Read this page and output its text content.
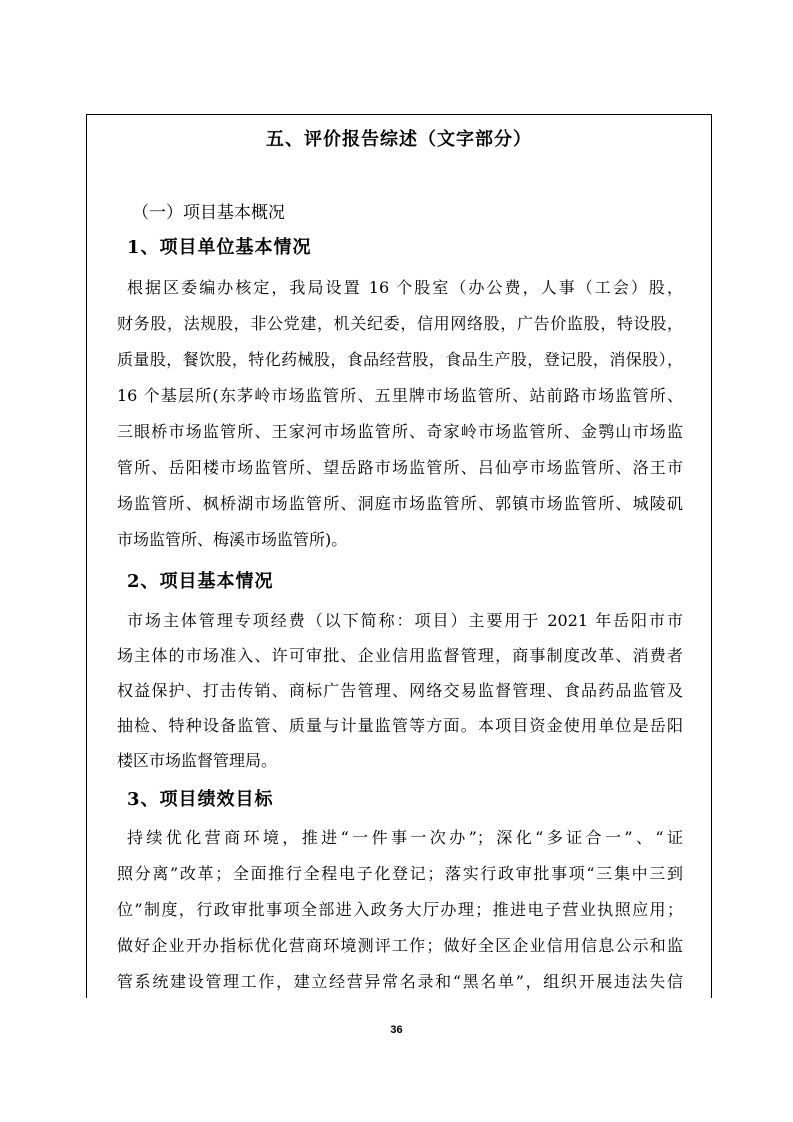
五、评价报告综述（文字部分）
（一）项目基本概况
1、项目单位基本情况
根据区委编办核定，我局设置 16 个股室（办公费，人事（工会）股，
财务股，法规股，非公党建，机关纪委，信用网络股，广告价监股，特设股，
质量股，餐饮股，特化药械股，食品经营股，食品生产股，登记股，消保股），
16 个基层所(东茅岭市场监管所、五里牌市场监管所、站前路市场监管所、
三眼桥市场监管所、王家河市场监管所、奇家岭市场监管所、金鹗山市场监
管所、岳阳楼市场监管所、望岳路市场监管所、吕仙亭市场监管所、洛王市
场监管所、枫桥湖市场监管所、洞庭市场监管所、郭镇市场监管所、城陵矶
市场监管所、梅溪市场监管所)。
2、项目基本情况
市场主体管理专项经费（以下简称：项目）主要用于 2021 年岳阳市市
场主体的市场准入、许可审批、企业信用监督管理，商事制度改革、消费者
权益保护、打击传销、商标广告管理、网络交易监督管理、食品药品监管及
抽检、特种设备监管、质量与计量监管等方面。本项目资金使用单位是岳阳
楼区市场监督管理局。
3、项目绩效目标
持续优化营商环境，推进“一件事一次办”；深化“多证合一”、“证
照分离”改革；全面推行全程电子化登记；落实行政审批事项“三集中三到
位”制度，行政审批事项全部进入政务大厅办理；推进电子营业执照应用；
做好企业开办指标优化营商环境测评工作；做好全区企业信用信息公示和监
管系统建设管理工作，建立经营异常名录和“黑名单”，组织开展违法失信
36
